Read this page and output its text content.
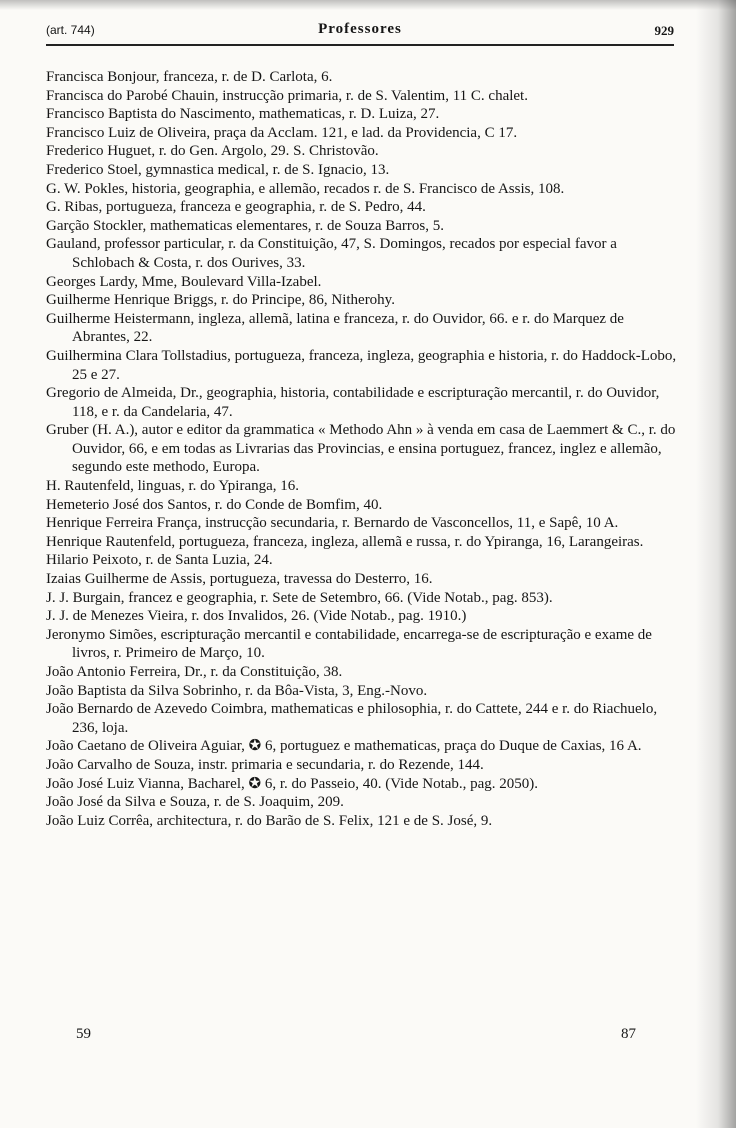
(art. 744)	Professores	929

Francisca Bonjour, franceza, r. de D. Carlota, 6.

Francisca do Parobé Chauin, instrucção primaria, r. de S. Valentim, 11 C. chalet.

Francisco Baptista do Nascimento, mathematicas, r. D. Luiza, 27.

Francisco Luiz de Oliveira, praça da Acclam. 121, e lad. da Providencia, C 17.

Frederico Huguet, r. do Gen. Argolo, 29. S. Christovão.

Frederico Stoel, gymnastica medical, r. de S. Ignacio, 13.

G. W. Pokles, historia, geographia, e allemão, recados r. de S. Francisco de Assis, 108.

G. Ribas, portugueza, franceza e geographia, r. de S. Pedro, 44.

Garção Stockler, mathematicas elementares, r. de Souza Barros, 5.

Gauland, professor particular, r. da Constituição, 47, S. Domingos, recados por especial favor a Schlobach & Costa, r. dos Ourives, 33.

Georges Lardy, Mme, Boulevard Villa-Izabel.

Guilherme Henrique Briggs, r. do Principe, 86, Nitherohy.

Guilherme Heistermann, ingleza, allemã, latina e franceza, r. do Ouvidor, 66. e r. do Marquez de Abrantes, 22.

Guilhermina Clara Tollstadius, portugueza, franceza, ingleza, geographia e historia, r. do Haddock-Lobo, 25 e 27.

Gregorio de Almeida, Dr., geographia, historia, contabilidade e escripturação mercantil, r. do Ouvidor, 118, e r. da Candelaria, 47.

Gruber (H. A.), autor e editor da grammatica « Methodo Ahn » à venda em casa de Laemmert & C., r. do Ouvidor, 66, e em todas as Livrarias das Provincias, e ensina portuguez, francez, inglez e allemão, segundo este methodo, Europa.

H. Rautenfeld, linguas, r. do Ypiranga, 16.

Hemeterio José dos Santos, r. do Conde de Bomfim, 40.

Henrique Ferreira França, instrucção secundaria, r. Bernardo de Vasconcellos, 11, e Sapê, 10 A.

Henrique Rautenfeld, portugueza, franceza, ingleza, allemã e russa, r. do Ypiranga, 16, Larangeiras.

Hilario Peixoto, r. de Santa Luzia, 24.

Izaias Guilherme de Assis, portugueza, travessa do Desterro, 16.

J. J. Burgain, francez e geographia, r. Sete de Setembro, 66. (Vide Notab., pag. 853).

J. J. de Menezes Vieira, r. dos Invalidos, 26. (Vide Notab., pag. 1910.)

Jeronymo Simões, escripturação mercantil e contabilidade, encarrega-se de escripturação e exame de livros, r. Primeiro de Março, 10.

João Antonio Ferreira, Dr., r. da Constituição, 38.

João Baptista da Silva Sobrinho, r. da Bôa-Vista, 3, Eng.-Novo.

João Bernardo de Azevedo Coimbra, mathematicas e philosophia, r. do Cattete, 244 e r. do Riachuelo, 236, loja.

João Caetano de Oliveira Aguiar, ✪ 6, portuguez e mathematicas, praça do Duque de Caxias, 16 A.

João Carvalho de Souza, instr. primaria e secundaria, r. do Rezende, 144.

João José Luiz Vianna, Bacharel, ✪ 6, r. do Passeio, 40. (Vide Notab., pag. 2050).

João José da Silva e Souza, r. de S. Joaquim, 209.

João Luiz Corrêa, architectura, r. do Barão de S. Felix, 121 e de S. José, 9.

59	87
